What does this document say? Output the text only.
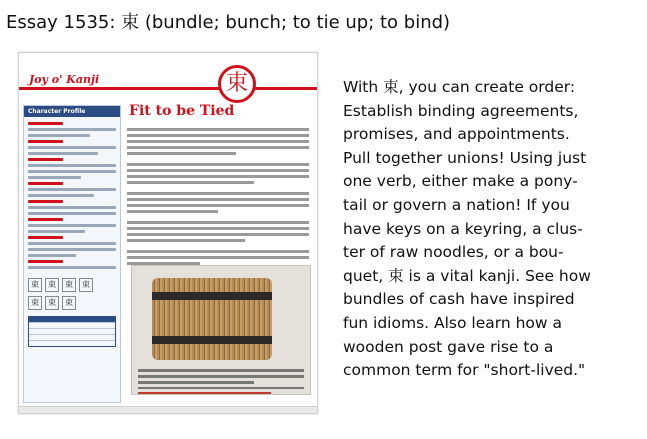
Essay 1535: 束 (bundle; bunch; to tie up; to bind)
Joy o' Kanji	束
Fit to be Tied
Character Profile
束	束	束	束
束	束	束
With 束, you can create order:
Establish binding agreements,
promises, and appointments.
Pull together unions! Using just
one verb, either make a pony-
tail or govern a nation! If you
have keys on a keyring, a clus-
ter of raw noodles, or a bou-
quet, 束 is a vital kanji. See how
bundles of cash have inspired
fun idioms. Also learn how a
wooden post gave rise to a
common term for "short-lived."
